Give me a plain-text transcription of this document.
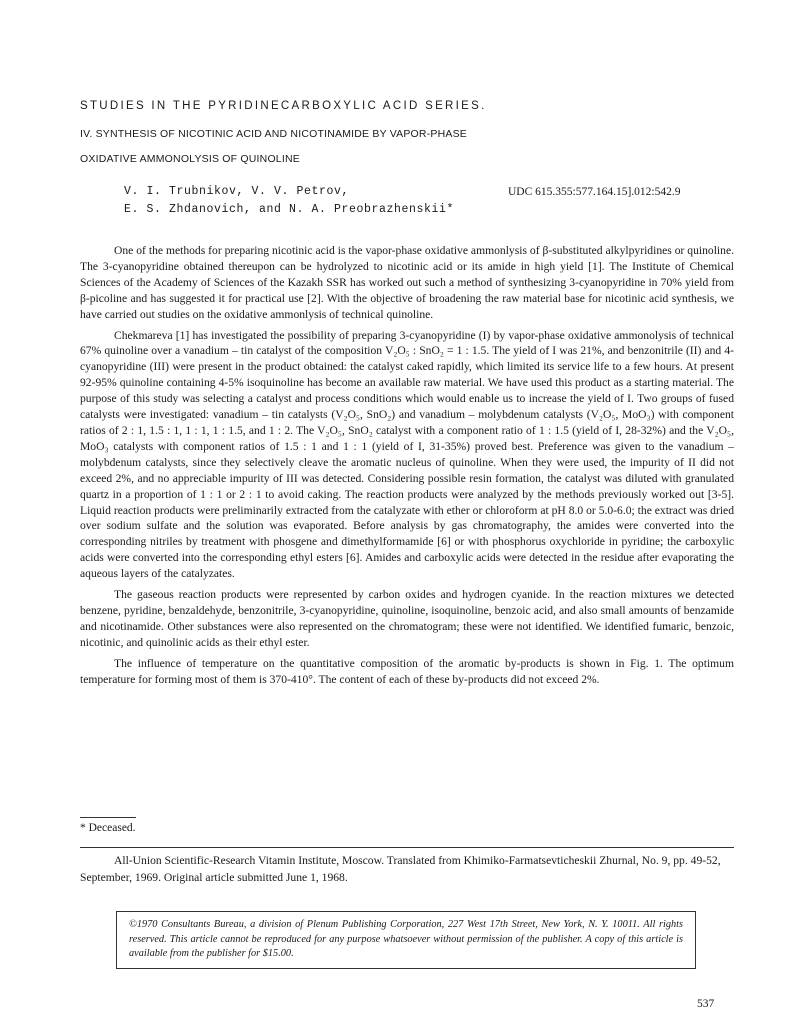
STUDIES IN THE PYRIDINECARBOXYLIC ACID SERIES.
IV. SYNTHESIS OF NICOTINIC ACID AND NICOTINAMIDE BY VAPOR-PHASE
OXIDATIVE AMMONOLYSIS OF QUINOLINE
V. I. Trubnikov, V. V. Petrov,
E. S. Zhdanovich, and N. A. Preobrazhenskii*
UDC 615.355:577.164.15].012:542.9

One of the methods for preparing nicotinic acid is the vapor-phase oxidative ammonlysis of β-substituted alkylpyridines or quinoline. The 3-cyanopyridine obtained thereupon can be hydrolyzed to nicotinic acid or its amide in high yield [1]. The Institute of Chemical Sciences of the Academy of Sciences of the Kazakh SSR has worked out such a method of synthesizing 3-cyanopyridine in 70% yield from β-picoline and has suggested it for practical use [2]. With the objective of broadening the raw material base for nicotinic acid synthesis, we have carried out studies on the oxidative ammonlysis of technical quinoline.

Chekmareva [1] has investigated the possibility of preparing 3-cyanopyridine (I) by vapor-phase oxidative ammonolysis of technical 67% quinoline over a vanadium – tin catalyst of the composition V₂O₅ : SnO₂ = 1 : 1.5. The yield of I was 21%, and benzonitrile (II) and 4-cyanopyridine (III) were present in the product obtained: the catalyst caked rapidly, which limited its service life to a few hours. At present 92-95% quinoline containing 4-5% isoquinoline has become an available raw material. We have used this product as a starting material. The purpose of this study was selecting a catalyst and process conditions which would enable us to increase the yield of I. Two groups of fused catalysts were investigated: vanadium – tin catalysts (V₂O₅, SnO₂) and vanadium – molybdenum catalysts (V₂O₅, MoO₃) with component ratios of 2 : 1, 1.5 : 1, 1 : 1, 1 : 1.5, and 1 : 2. The V₂O₅, SnO₂ catalyst with a component ratio of 1 : 1.5 (yield of I, 28-32%) and the V₂O₅, MoO₃ catalysts with component ratios of 1.5 : 1 and 1 : 1 (yield of I, 31-35%) proved best. Preference was given to the vanadium – molybdenum catalysts, since they selectively cleave the aromatic nucleus of quinoline. When they were used, the impurity of II did not exceed 2%, and no appreciable impurity of III was detected. Considering possible resin formation, the catalyst was diluted with granulated quartz in a proportion of 1 : 1 or 2 : 1 to avoid caking. The reaction products were analyzed by the methods previously worked out [3-5]. Liquid reaction products were preliminarily extracted from the catalyzate with ether or chloroform at pH 8.0 or 5.0-6.0; the extract was dried over sodium sulfate and the solution was evaporated. Before analysis by gas chromatography, the amides were converted into the corresponding nitriles by treatment with phosgene and dimethylformamide [6] or with phosphorus oxychloride in pyridine; the carboxylic acids were converted into the corresponding ethyl esters [6]. Amides and carboxylic acids were detected in the residue after evaporating the aqueous layers of the catalyzates.

The gaseous reaction products were represented by carbon oxides and hydrogen cyanide. In the reaction mixtures we detected benzene, pyridine, benzaldehyde, benzonitrile, 3-cyanopyridine, quinoline, isoquinoline, benzoic acid, and also small amounts of benzamide and nicotinamide. Other substances were also represented on the chromatogram; these were not identified. We identified fumaric, benzoic, nicotinic, and quinolinic acids as their ethyl ester.

The influence of temperature on the quantitative composition of the aromatic by-products is shown in Fig. 1. The optimum temperature for forming most of them is 370-410°. The content of each of these by-products did not exceed 2%.

* Deceased.
All-Union Scientific-Research Vitamin Institute, Moscow. Translated from Khimiko-Farmatsevticheskii Zhurnal, No. 9, pp. 49-52, September, 1969. Original article submitted June 1, 1968.
©1970 Consultants Bureau, a division of Plenum Publishing Corporation, 227 West 17th Street, New York, N. Y. 10011. All rights reserved. This article cannot be reproduced for any purpose whatsoever without permission of the publisher. A copy of this article is available from the publisher for $15.00.
537
